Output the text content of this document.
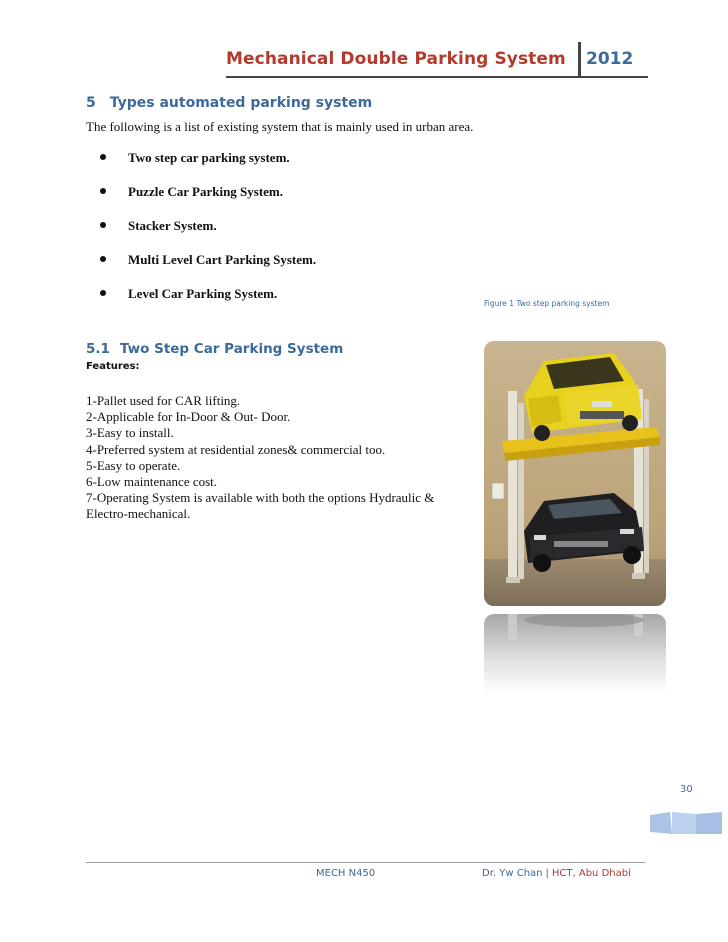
Mechanical Double Parking System 2012
5 Types automated parking system
The following is a list of existing system that is mainly used in urban area.
Two step car parking system.
Puzzle Car Parking System.
Stacker System.
Multi Level Cart Parking System.
Level Car Parking System.
Figure 1 Two step parking system
5.1 Two Step Car Parking System
Features:
1-Pallet used for CAR lifting.
2-Applicable for In-Door & Out- Door.
3-Easy to install.
4-Preferred system at residential zones& commercial too.
5-Easy to operate.
6-Low maintenance cost.
7-Operating System is available with both the options Hydraulic &
Electro-mechanical.
30
MECH N450	Dr. Yw Chan | HCT, Abu Dhabi
